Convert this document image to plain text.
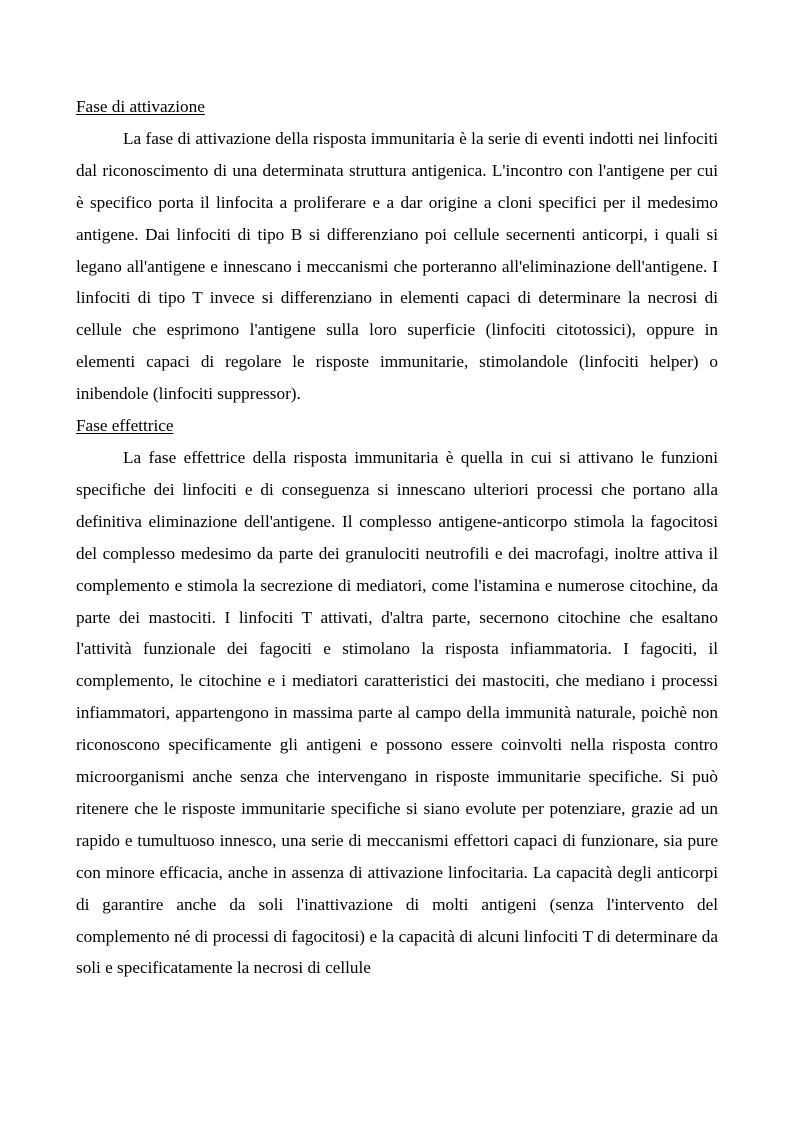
Fase di attivazione

La fase di attivazione della risposta immunitaria è la serie di eventi indotti nei linfociti dal riconoscimento di una determinata struttura antigenica. L'incontro con l'antigene per cui è specifico porta il linfocita a proliferare e a dar origine a cloni specifici per il medesimo antigene. Dai linfociti di tipo B si differenziano poi cellule secernenti anticorpi, i quali si legano all'antigene e innescano i meccanismi che porteranno all'eliminazione dell'antigene. I linfociti di tipo T invece si differenziano in elementi capaci di determinare la necrosi di cellule che esprimono l'antigene sulla loro superficie (linfociti citotossici), oppure in elementi capaci di regolare le risposte immunitarie, stimolandole (linfociti helper) o inibendole (linfociti suppressor).

Fase effettrice

La fase effettrice della risposta immunitaria è quella in cui si attivano le funzioni specifiche dei linfociti e di conseguenza si innescano ulteriori processi che portano alla definitiva eliminazione dell'antigene. Il complesso antigene-anticorpo stimola la fagocitosi del complesso medesimo da parte dei granulociti neutrofili e dei macrofagi, inoltre attiva il complemento e stimola la secrezione di mediatori, come l'istamina e numerose citochine, da parte dei mastociti. I linfociti T attivati, d'altra parte, secernono citochine che esaltano l'attività funzionale dei fagociti e stimolano la risposta infiammatoria. I fagociti, il complemento, le citochine e i mediatori caratteristici dei mastociti, che mediano i processi infiammatori, appartengono in massima parte al campo della immunità naturale, poichè non riconoscono specificamente gli antigeni e possono essere coinvolti nella risposta contro microorganismi anche senza che intervengano in risposte immunitarie specifiche. Si può ritenere che le risposte immunitarie specifiche si siano evolute per potenziare, grazie ad un rapido e tumultuoso innesco, una serie di meccanismi effettori capaci di funzionare, sia pure con minore efficacia, anche in assenza di attivazione linfocitaria. La capacità degli anticorpi di garantire anche da soli l'inattivazione di molti antigeni (senza l'intervento del complemento né di processi di fagocitosi) e la capacità di alcuni linfociti T di determinare da soli e specificatamente la necrosi di cellule
